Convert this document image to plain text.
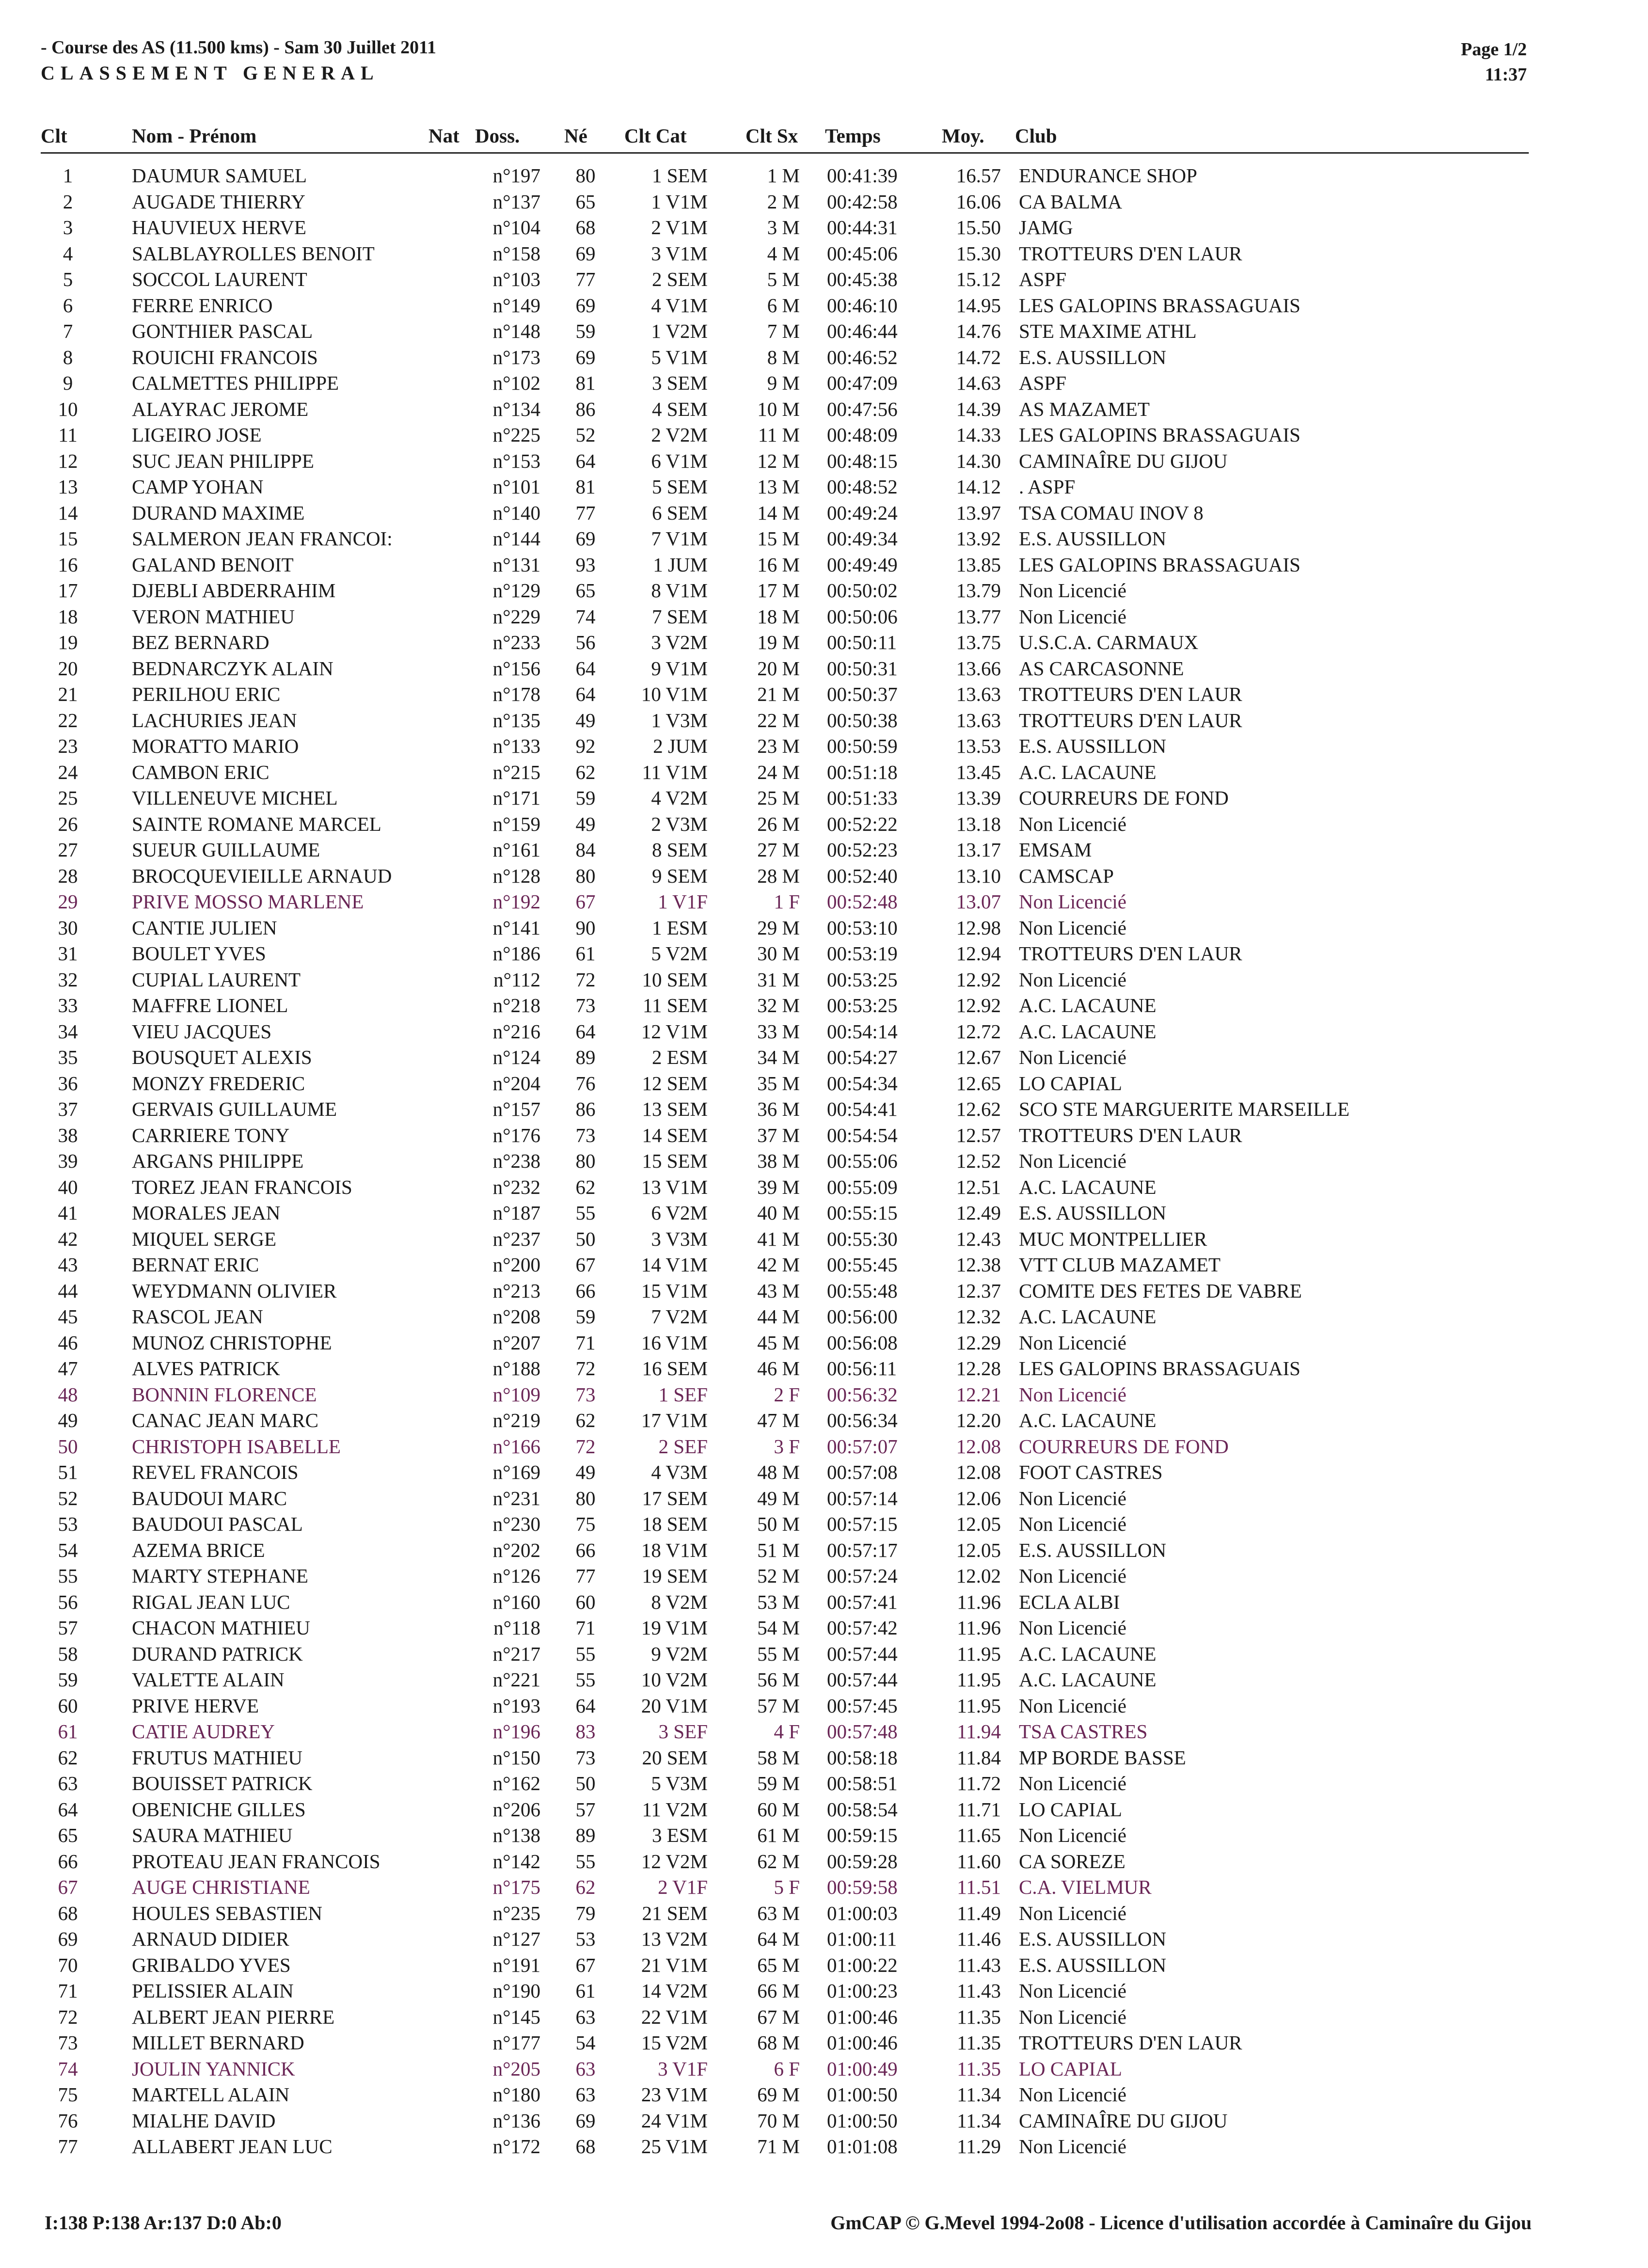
- Course des AS (11.500 kms) - Sam 30 Juillet 2011
CLASSEMENT GENERAL
Page 1/2
11:37
Clt	Nom - Prénom	Nat Doss. Né Clt Cat	Clt Sx Temps	Moy. Club
1	DAUMUR SAMUEL	n°197	80	1 SEM	1 M 00:41:39	16.57 ENDURANCE SHOP
2	AUGADE THIERRY	n°137	65	1 V1M	2 M 00:42:58	16.06 CA BALMA
3	HAUVIEUX HERVE	n°104	68	2 V1M	3 M 00:44:31	15.50 JAMG
4	SALBLAYROLLES BENOIT	n°158	69	3 V1M	4 M 00:45:06	15.30 TROTTEURS D'EN LAUR
5	SOCCOL LAURENT	n°103	77	2 SEM	5 M 00:45:38	15.12 ASPF
6	FERRE ENRICO	n°149	69	4 V1M	6 M 00:46:10	14.95 LES GALOPINS BRASSAGUAIS
7	GONTHIER PASCAL	n°148	59	1 V2M	7 M 00:46:44	14.76 STE MAXIME ATHL
8	ROUICHI FRANCOIS	n°173	69	5 V1M	8 M 00:46:52	14.72 E.S. AUSSILLON
9	CALMETTES PHILIPPE	n°102	81	3 SEM	9 M 00:47:09	14.63 ASPF
10	ALAYRAC JEROME	n°134	86	4 SEM	10 M 00:47:56	14.39 AS MAZAMET
11	LIGEIRO JOSE	n°225	52	2 V2M	11 M 00:48:09	14.33 LES GALOPINS BRASSAGUAIS
12	SUC JEAN PHILIPPE	n°153	64	6 V1M	12 M 00:48:15	14.30 CAMINAÎRE DU GIJOU
13	CAMP YOHAN	n°101	81	5 SEM	13 M 00:48:52	14.12 . ASPF
14	DURAND MAXIME	n°140	77	6 SEM	14 M 00:49:24	13.97 TSA COMAU INOV 8
15	SALMERON JEAN FRANCOI:	n°144	69	7 V1M	15 M 00:49:34	13.92 E.S. AUSSILLON
16	GALAND BENOIT	n°131	93	1 JUM	16 M 00:49:49	13.85 LES GALOPINS BRASSAGUAIS
17	DJEBLI ABDERRAHIM	n°129	65	8 V1M	17 M 00:50:02	13.79 Non Licencié
18	VERON MATHIEU	n°229	74	7 SEM	18 M 00:50:06	13.77 Non Licencié
19	BEZ BERNARD	n°233	56	3 V2M	19 M 00:50:11	13.75 U.S.C.A. CARMAUX
20	BEDNARCZYK ALAIN	n°156	64	9 V1M	20 M 00:50:31	13.66 AS CARCASONNE
21	PERILHOU ERIC	n°178	64	10 V1M	21 M 00:50:37	13.63 TROTTEURS D'EN LAUR
22	LACHURIES JEAN	n°135	49	1 V3M	22 M 00:50:38	13.63 TROTTEURS D'EN LAUR
23	MORATTO MARIO	n°133	92	2 JUM	23 M 00:50:59	13.53 E.S. AUSSILLON
24	CAMBON ERIC	n°215	62	11 V1M	24 M 00:51:18	13.45 A.C. LACAUNE
25	VILLENEUVE MICHEL	n°171	59	4 V2M	25 M 00:51:33	13.39 COURREURS DE FOND
26	SAINTE ROMANE MARCEL	n°159	49	2 V3M	26 M 00:52:22	13.18 Non Licencié
27	SUEUR GUILLAUME	n°161	84	8 SEM	27 M 00:52:23	13.17 EMSAM
28	BROCQUEVIEILLE ARNAUD	n°128	80	9 SEM	28 M 00:52:40	13.10 CAMSCAP
29	PRIVE MOSSO MARLENE	n°192	67	1 V1F	1 F 00:52:48	13.07 Non Licencié
30	CANTIE JULIEN	n°141	90	1 ESM	29 M 00:53:10	12.98 Non Licencié
31	BOULET YVES	n°186	61	5 V2M	30 M 00:53:19	12.94 TROTTEURS D'EN LAUR
32	CUPIAL LAURENT	n°112	72	10 SEM	31 M 00:53:25	12.92 Non Licencié
33	MAFFRE LIONEL	n°218	73	11 SEM	32 M 00:53:25	12.92 A.C. LACAUNE
34	VIEU JACQUES	n°216	64	12 V1M	33 M 00:54:14	12.72 A.C. LACAUNE
35	BOUSQUET ALEXIS	n°124	89	2 ESM	34 M 00:54:27	12.67 Non Licencié
36	MONZY FREDERIC	n°204	76	12 SEM	35 M 00:54:34	12.65 LO CAPIAL
37	GERVAIS GUILLAUME	n°157	86	13 SEM	36 M 00:54:41	12.62 SCO STE MARGUERITE MARSEILLE
38	CARRIERE TONY	n°176	73	14 SEM	37 M 00:54:54	12.57 TROTTEURS D'EN LAUR
39	ARGANS PHILIPPE	n°238	80	15 SEM	38 M 00:55:06	12.52 Non Licencié
40	TOREZ JEAN FRANCOIS	n°232	62	13 V1M	39 M 00:55:09	12.51 A.C. LACAUNE
41	MORALES JEAN	n°187	55	6 V2M	40 M 00:55:15	12.49 E.S. AUSSILLON
42	MIQUEL SERGE	n°237	50	3 V3M	41 M 00:55:30	12.43 MUC MONTPELLIER
43	BERNAT ERIC	n°200	67	14 V1M	42 M 00:55:45	12.38 VTT CLUB MAZAMET
44	WEYDMANN OLIVIER	n°213	66	15 V1M	43 M 00:55:48	12.37 COMITE DES FETES DE VABRE
45	RASCOL JEAN	n°208	59	7 V2M	44 M 00:56:00	12.32 A.C. LACAUNE
46	MUNOZ CHRISTOPHE	n°207	71	16 V1M	45 M 00:56:08	12.29 Non Licencié
47	ALVES PATRICK	n°188	72	16 SEM	46 M 00:56:11	12.28 LES GALOPINS BRASSAGUAIS
48	BONNIN FLORENCE	n°109	73	1 SEF	2 F 00:56:32	12.21 Non Licencié
49	CANAC JEAN MARC	n°219	62	17 V1M	47 M 00:56:34	12.20 A.C. LACAUNE
50	CHRISTOPH ISABELLE	n°166	72	2 SEF	3 F 00:57:07	12.08 COURREURS DE FOND
51	REVEL FRANCOIS	n°169	49	4 V3M	48 M 00:57:08	12.08 FOOT CASTRES
52	BAUDOUI MARC	n°231	80	17 SEM	49 M 00:57:14	12.06 Non Licencié
53	BAUDOUI PASCAL	n°230	75	18 SEM	50 M 00:57:15	12.05 Non Licencié
54	AZEMA BRICE	n°202	66	18 V1M	51 M 00:57:17	12.05 E.S. AUSSILLON
55	MARTY STEPHANE	n°126	77	19 SEM	52 M 00:57:24	12.02 Non Licencié
56	RIGAL JEAN LUC	n°160	60	8 V2M	53 M 00:57:41	11.96 ECLA ALBI
57	CHACON MATHIEU	n°118	71	19 V1M	54 M 00:57:42	11.96 Non Licencié
58	DURAND PATRICK	n°217	55	9 V2M	55 M 00:57:44	11.95 A.C. LACAUNE
59	VALETTE ALAIN	n°221	55	10 V2M	56 M 00:57:44	11.95 A.C. LACAUNE
60	PRIVE HERVE	n°193	64	20 V1M	57 M 00:57:45	11.95 Non Licencié
61	CATIE AUDREY	n°196	83	3 SEF	4 F 00:57:48	11.94 TSA CASTRES
62	FRUTUS MATHIEU	n°150	73	20 SEM	58 M 00:58:18	11.84 MP BORDE BASSE
63	BOUISSET PATRICK	n°162	50	5 V3M	59 M 00:58:51	11.72 Non Licencié
64	OBENICHE GILLES	n°206	57	11 V2M	60 M 00:58:54	11.71 LO CAPIAL
65	SAURA MATHIEU	n°138	89	3 ESM	61 M 00:59:15	11.65 Non Licencié
66	PROTEAU JEAN FRANCOIS	n°142	55	12 V2M	62 M 00:59:28	11.60 CA SOREZE
67	AUGE CHRISTIANE	n°175	62	2 V1F	5 F 00:59:58	11.51 C.A. VIELMUR
68	HOULES SEBASTIEN	n°235	79	21 SEM	63 M 01:00:03	11.49 Non Licencié
69	ARNAUD DIDIER	n°127	53	13 V2M	64 M 01:00:11	11.46 E.S. AUSSILLON
70	GRIBALDO YVES	n°191	67	21 V1M	65 M 01:00:22	11.43 E.S. AUSSILLON
71	PELISSIER ALAIN	n°190	61	14 V2M	66 M 01:00:23	11.43 Non Licencié
72	ALBERT JEAN PIERRE	n°145	63	22 V1M	67 M 01:00:46	11.35 Non Licencié
73	MILLET BERNARD	n°177	54	15 V2M	68 M 01:00:46	11.35 TROTTEURS D'EN LAUR
74	JOULIN YANNICK	n°205	63	3 V1F	6 F 01:00:49	11.35 LO CAPIAL
75	MARTELL ALAIN	n°180	63	23 V1M	69 M 01:00:50	11.34 Non Licencié
76	MIALHE DAVID	n°136	69	24 V1M	70 M 01:00:50	11.34 CAMINAÎRE DU GIJOU
77	ALLABERT JEAN LUC	n°172	68	25 V1M	71 M 01:01:08	11.29 Non Licencié
I:138 P:138 Ar:137 D:0 Ab:0	GmCAP © G.Mevel 1994-2o08 - Licence d'utilisation accordée à Caminaîre du Gijou
